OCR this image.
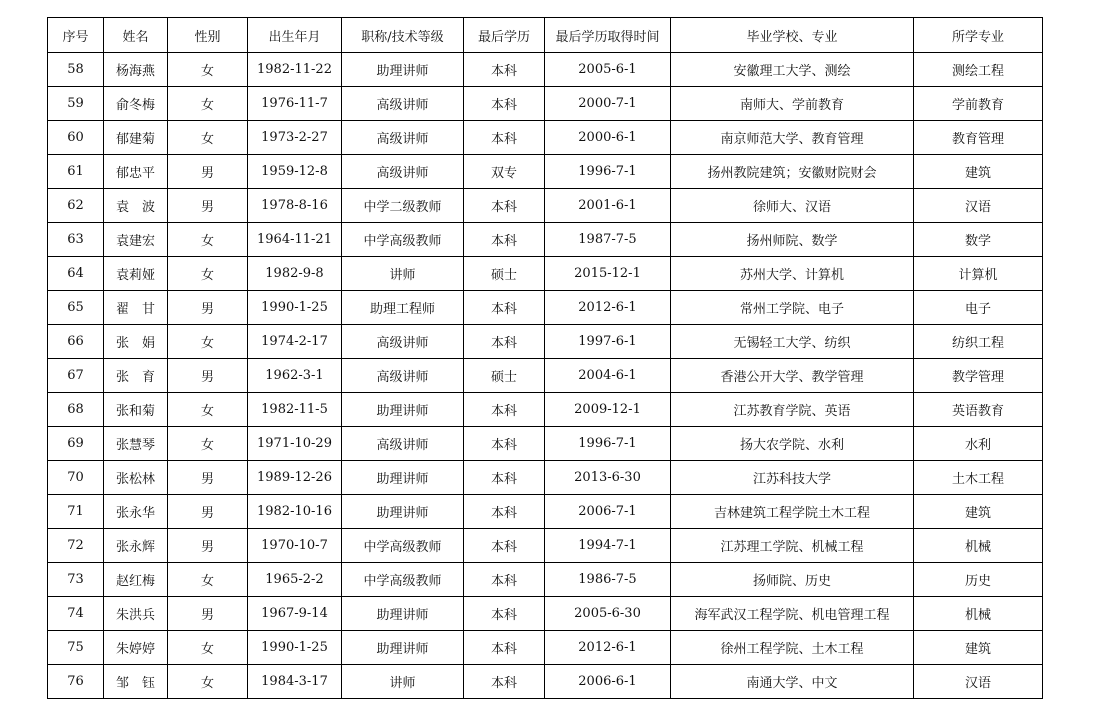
序号	姓名	性别	出生年月	职称/技术等级	最后学历	最后学历取得时间	毕业学校、专业	所学专业
58	杨海燕	女	1982-11-22	助理讲师	本科	2005-6-1	安徽理工大学、测绘	测绘工程
59	俞冬梅	女	1976-11-7	高级讲师	本科	2000-7-1	南师大、学前教育	学前教育
60	郁建菊	女	1973-2-27	高级讲师	本科	2000-6-1	南京师范大学、教育管理	教育管理
61	郁忠平	男	1959-12-8	高级讲师	双专	1996-7-1	扬州教院建筑；安徽财院财会	建筑
62	袁　波	男	1978-8-16	中学二级教师	本科	2001-6-1	徐师大、汉语	汉语
63	袁建宏	女	1964-11-21	中学高级教师	本科	1987-7-5	扬州师院、数学	数学
64	袁莉娅	女	1982-9-8	讲师	硕士	2015-12-1	苏州大学、计算机	计算机
65	翟　甘	男	1990-1-25	助理工程师	本科	2012-6-1	常州工学院、电子	电子
66	张　娟	女	1974-2-17	高级讲师	本科	1997-6-1	无锡轻工大学、纺织	纺织工程
67	张　育	男	1962-3-1	高级讲师	硕士	2004-6-1	香港公开大学、教学管理	教学管理
68	张和菊	女	1982-11-5	助理讲师	本科	2009-12-1	江苏教育学院、英语	英语教育
69	张慧琴	女	1971-10-29	高级讲师	本科	1996-7-1	扬大农学院、水利	水利
70	张松林	男	1989-12-26	助理讲师	本科	2013-6-30	江苏科技大学	土木工程
71	张永华	男	1982-10-16	助理讲师	本科	2006-7-1	吉林建筑工程学院土木工程	建筑
72	张永辉	男	1970-10-7	中学高级教师	本科	1994-7-1	江苏理工学院、机械工程	机械
73	赵红梅	女	1965-2-2	中学高级教师	本科	1986-7-5	扬师院、历史	历史
74	朱洪兵	男	1967-9-14	助理讲师	本科	2005-6-30	海军武汉工程学院、机电管理工程	机械
75	朱婷婷	女	1990-1-25	助理讲师	本科	2012-6-1	徐州工程学院、土木工程	建筑
76	邹　钰	女	1984-3-17	讲师	本科	2006-6-1	南通大学、中文	汉语
